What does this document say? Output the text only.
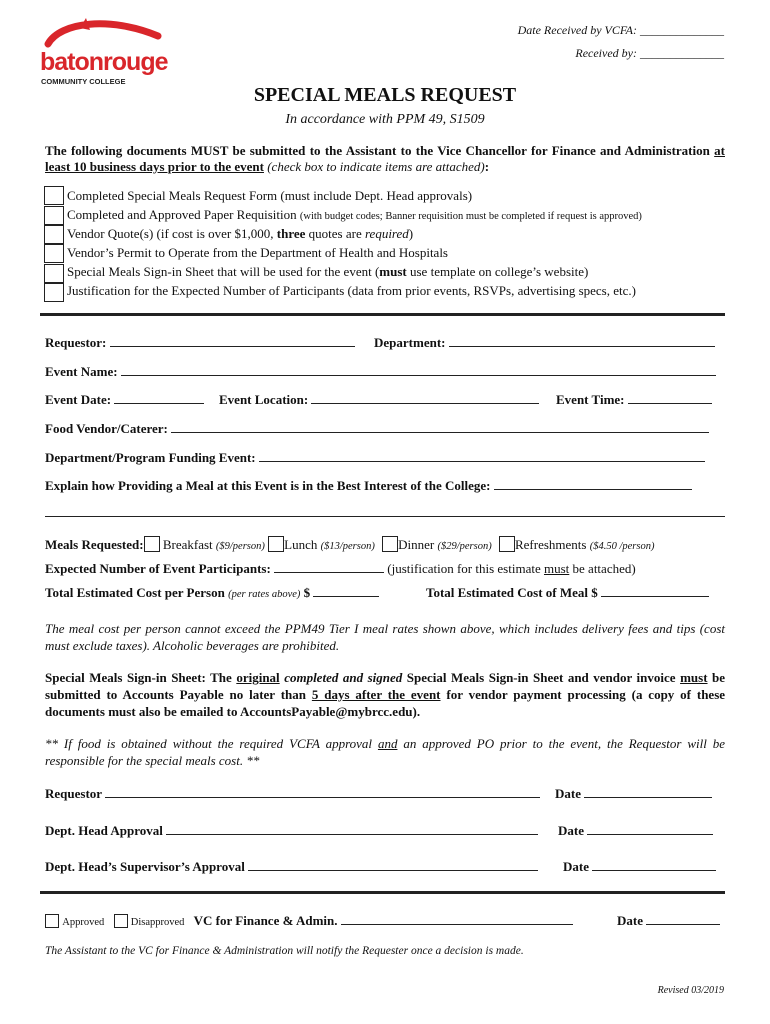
batonrouge
COMMUNITY COLLEGE
Date Received by VCFA: ______________
Received by: ______________
SPECIAL MEALS REQUEST
In accordance with PPM 49, S1509
The following documents MUST be submitted to the Assistant to the Vice Chancellor for Finance and Administration at least 10 business days prior to the event (check box to indicate items are attached):
Completed Special Meals Request Form (must include Dept. Head approvals)
Completed and Approved Paper Requisition (with budget codes; Banner requisition must be completed if request is approved)
Vendor Quote(s) (if cost is over $1,000, three quotes are required)
Vendor’s Permit to Operate from the Department of Health and Hospitals
Special Meals Sign-in Sheet that will be used for the event (must use template on college’s website)
Justification for the Expected Number of Participants (data from prior events, RSVPs, advertising specs, etc.)
Requestor:	Department:
Event Name:
Event Date:	Event Location:	Event Time:
Food Vendor/Caterer:
Department/Program Funding Event:
Explain how Providing a Meal at this Event is in the Best Interest of the College:
Meals Requested: Breakfast ($9/person) Lunch ($13/person) Dinner ($29/person) Refreshments ($4.50 /person)
Expected Number of Event Participants:	(justification for this estimate must be attached)
Total Estimated Cost per Person (per rates above) $	Total Estimated Cost of Meal $
The meal cost per person cannot exceed the PPM49 Tier I meal rates shown above, which includes delivery fees and tips (cost must exclude taxes). Alcoholic beverages are prohibited.
Special Meals Sign-in Sheet: The original completed and signed Special Meals Sign-in Sheet and vendor invoice must be submitted to Accounts Payable no later than 5 days after the event for vendor payment processing (a copy of these documents must also be emailed to AccountsPayable@mybrcc.edu).
** If food is obtained without the required VCFA approval and an approved PO prior to the event, the Requestor will be responsible for the special meals cost. **
Requestor	Date
Dept. Head Approval	Date
Dept. Head’s Supervisor’s Approval	Date
Approved	Disapproved VC for Finance & Admin.	Date
The Assistant to the VC for Finance & Administration will notify the Requester once a decision is made.
Revised 03/2019
